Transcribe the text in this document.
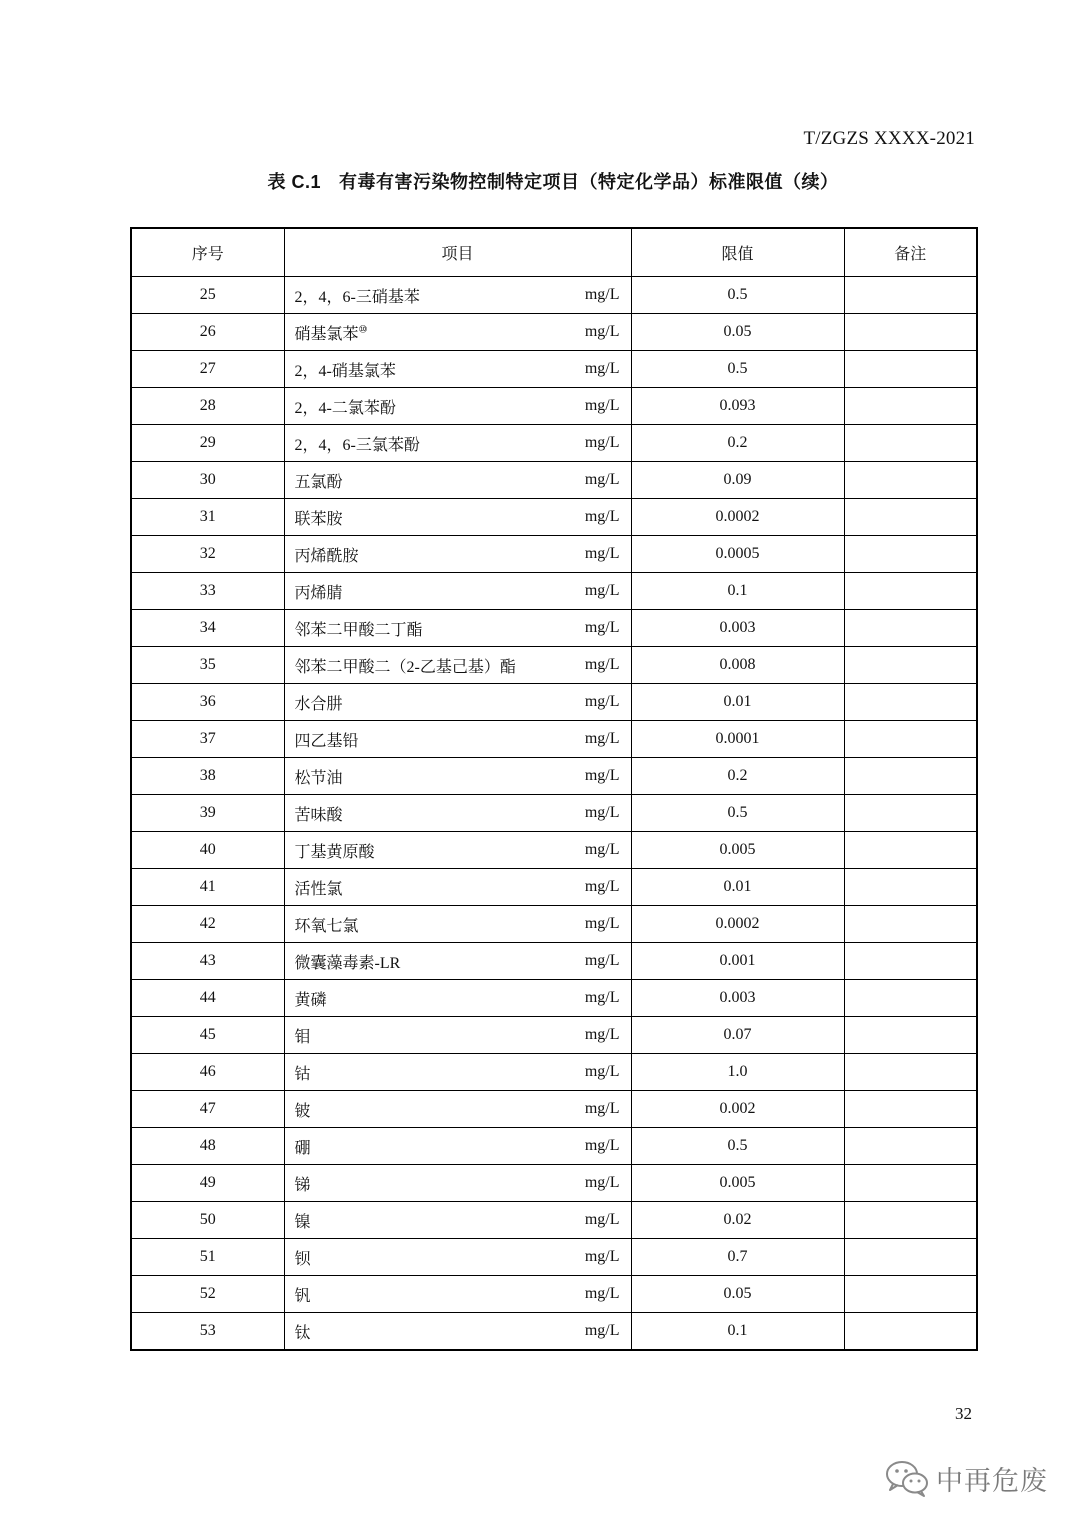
T/ZGZS XXXX-2021
表 C.1 有毒有害污染物控制特定项目（特定化学品）标准限值（续）
序号	项目	限值	备注
25	2，4，6-三硝基苯 mg/L	0.5	
26	硝基氯苯⑩ mg/L	0.05	
27	2，4-硝基氯苯 mg/L	0.5	
28	2，4-二氯苯酚 mg/L	0.093	
29	2，4，6-三氯苯酚 mg/L	0.2	
30	五氯酚 mg/L	0.09	
31	联苯胺 mg/L	0.0002	
32	丙烯酰胺 mg/L	0.0005	
33	丙烯腈 mg/L	0.1	
34	邻苯二甲酸二丁酯 mg/L	0.003	
35	邻苯二甲酸二（2-乙基己基）酯 mg/L	0.008	
36	水合肼 mg/L	0.01	
37	四乙基铅 mg/L	0.0001	
38	松节油 mg/L	0.2	
39	苦味酸 mg/L	0.5	
40	丁基黄原酸 mg/L	0.005	
41	活性氯 mg/L	0.01	
42	环氧七氯 mg/L	0.0002	
43	微囊藻毒素-LR mg/L	0.001	
44	黄磷 mg/L	0.003	
45	钼 mg/L	0.07	
46	钴 mg/L	1.0	
47	铍 mg/L	0.002	
48	硼 mg/L	0.5	
49	锑 mg/L	0.005	
50	镍 mg/L	0.02	
51	钡 mg/L	0.7	
52	钒 mg/L	0.05	
53	钛 mg/L	0.1	
32
中再危废
